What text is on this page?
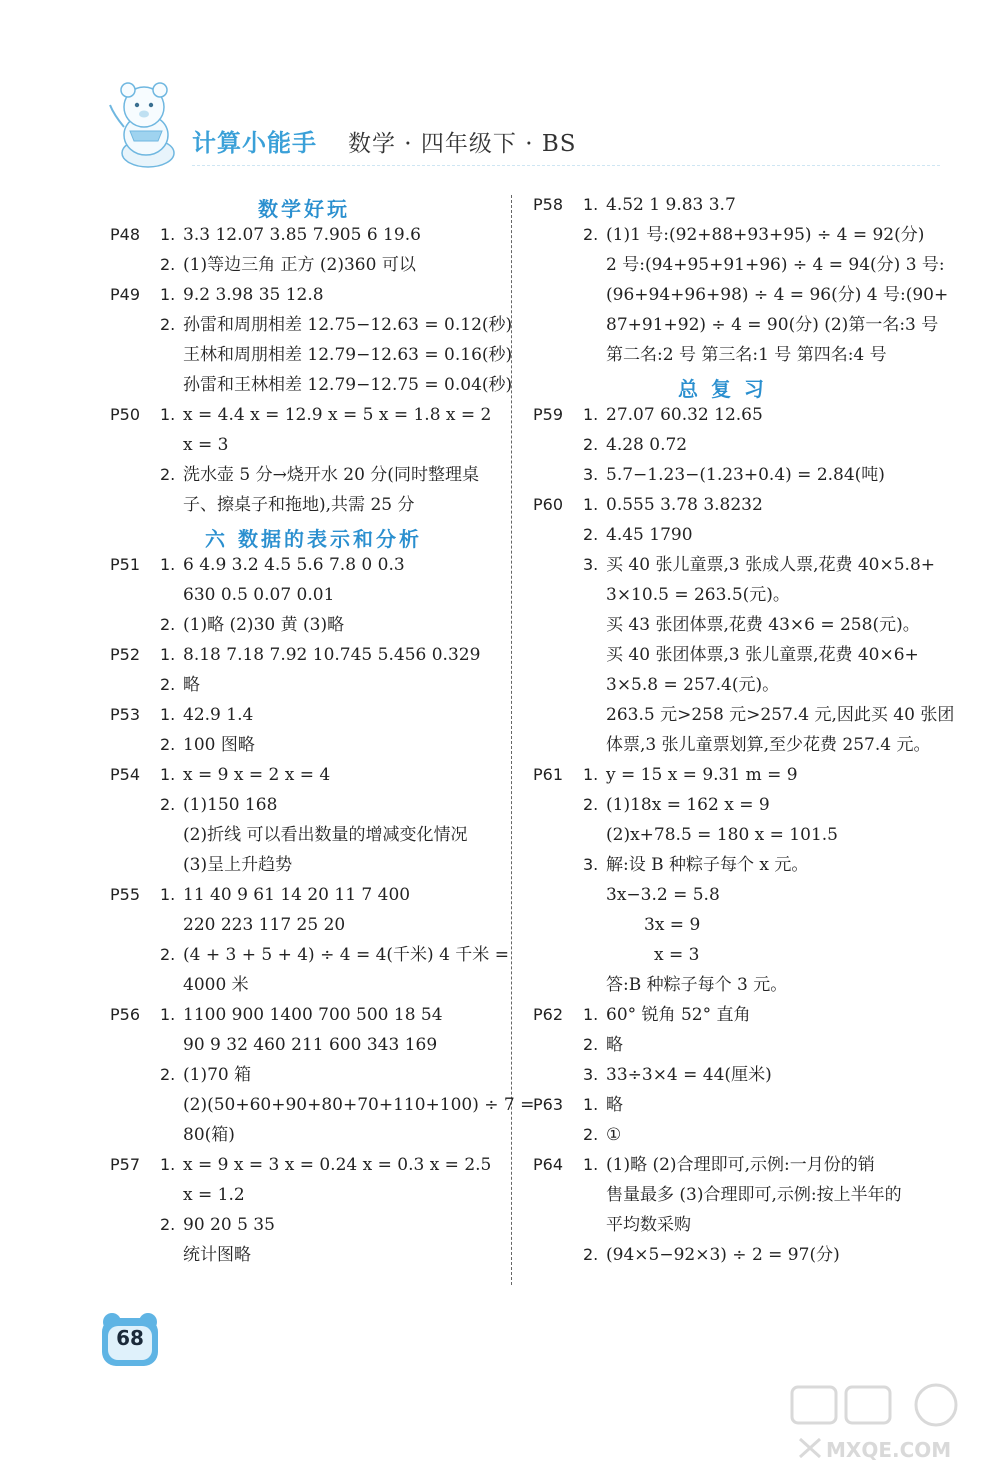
计算小能手 数学 · 四年级下 · BS
数学好玩
P48 1. 3.3 12.07 3.85 7.905 6 19.6
2. (1)等边三角 正方 (2)360 可以
P49 1. 9.2 3.98 35 12.8
2. 孙雷和周朋相差 12.75−12.63 = 0.12(秒)
王林和周朋相差 12.79−12.63 = 0.16(秒)
孙雷和王林相差 12.79−12.75 = 0.04(秒)
P50 1. x = 4.4 x = 12.9 x = 5 x = 1.8 x = 2
x = 3
2. 洗水壶 5 分→烧开水 20 分(同时整理桌
子、擦桌子和拖地),共需 25 分
六 数据的表示和分析
P51 1. 6 4.9 3.2 4.5 5.6 7.8 0 0.3
630 0.5 0.07 0.01
2. (1)略 (2)30 黄 (3)略
P52 1. 8.18 7.18 7.92 10.745 5.456 0.329
2. 略
P53 1. 42.9 1.4
2. 100 图略
P54 1. x = 9 x = 2 x = 4
2. (1)150 168
(2)折线 可以看出数量的增减变化情况
(3)呈上升趋势
P55 1. 11 40 9 61 14 20 11 7 400
220 223 117 25 20
2. (4 + 3 + 5 + 4) ÷ 4 = 4(千米) 4 千米 =
4000 米
P56 1. 1100 900 1400 700 500 18 54
90 9 32 460 211 600 343 169
2. (1)70 箱
(2)(50+60+90+80+70+110+100) ÷ 7 =
80(箱)
P57 1. x = 9 x = 3 x = 0.24 x = 0.3 x = 2.5
x = 1.2
2. 90 20 5 35
统计图略
P58 1. 4.52 1 9.83 3.7
2. (1)1 号:(92+88+93+95) ÷ 4 = 92(分)
2 号:(94+95+91+96) ÷ 4 = 94(分) 3 号:
(96+94+96+98) ÷ 4 = 96(分) 4 号:(90+
87+91+92) ÷ 4 = 90(分) (2)第一名:3 号
第二名:2 号 第三名:1 号 第四名:4 号
总 复 习
P59 1. 27.07 60.32 12.65
2. 4.28 0.72
3. 5.7−1.23−(1.23+0.4) = 2.84(吨)
P60 1. 0.555 3.78 3.8232
2. 4.45 1790
3. 买 40 张儿童票,3 张成人票,花费 40×5.8+
3×10.5 = 263.5(元)。
买 43 张团体票,花费 43×6 = 258(元)。
买 40 张团体票,3 张儿童票,花费 40×6+
3×5.8 = 257.4(元)。
263.5 元>258 元>257.4 元,因此买 40 张团
体票,3 张儿童票划算,至少花费 257.4 元。
P61 1. y = 15 x = 9.31 m = 9
2. (1)18x = 162 x = 9
(2)x+78.5 = 180 x = 101.5
3. 解:设 B 种粽子每个 x 元。
3x−3.2 = 5.8
3x = 9
x = 3
答:B 种粽子每个 3 元。
P62 1. 60° 锐角 52° 直角
2. 略
3. 33÷3×4 = 44(厘米)
P63 1. 略
2. ①
P64 1. (1)略 (2)合理即可,示例:一月份的销
售量最多 (3)合理即可,示例:按上半年的
平均数采购
2. (94×5−92×3) ÷ 2 = 97(分)
68
MXQE.COM
